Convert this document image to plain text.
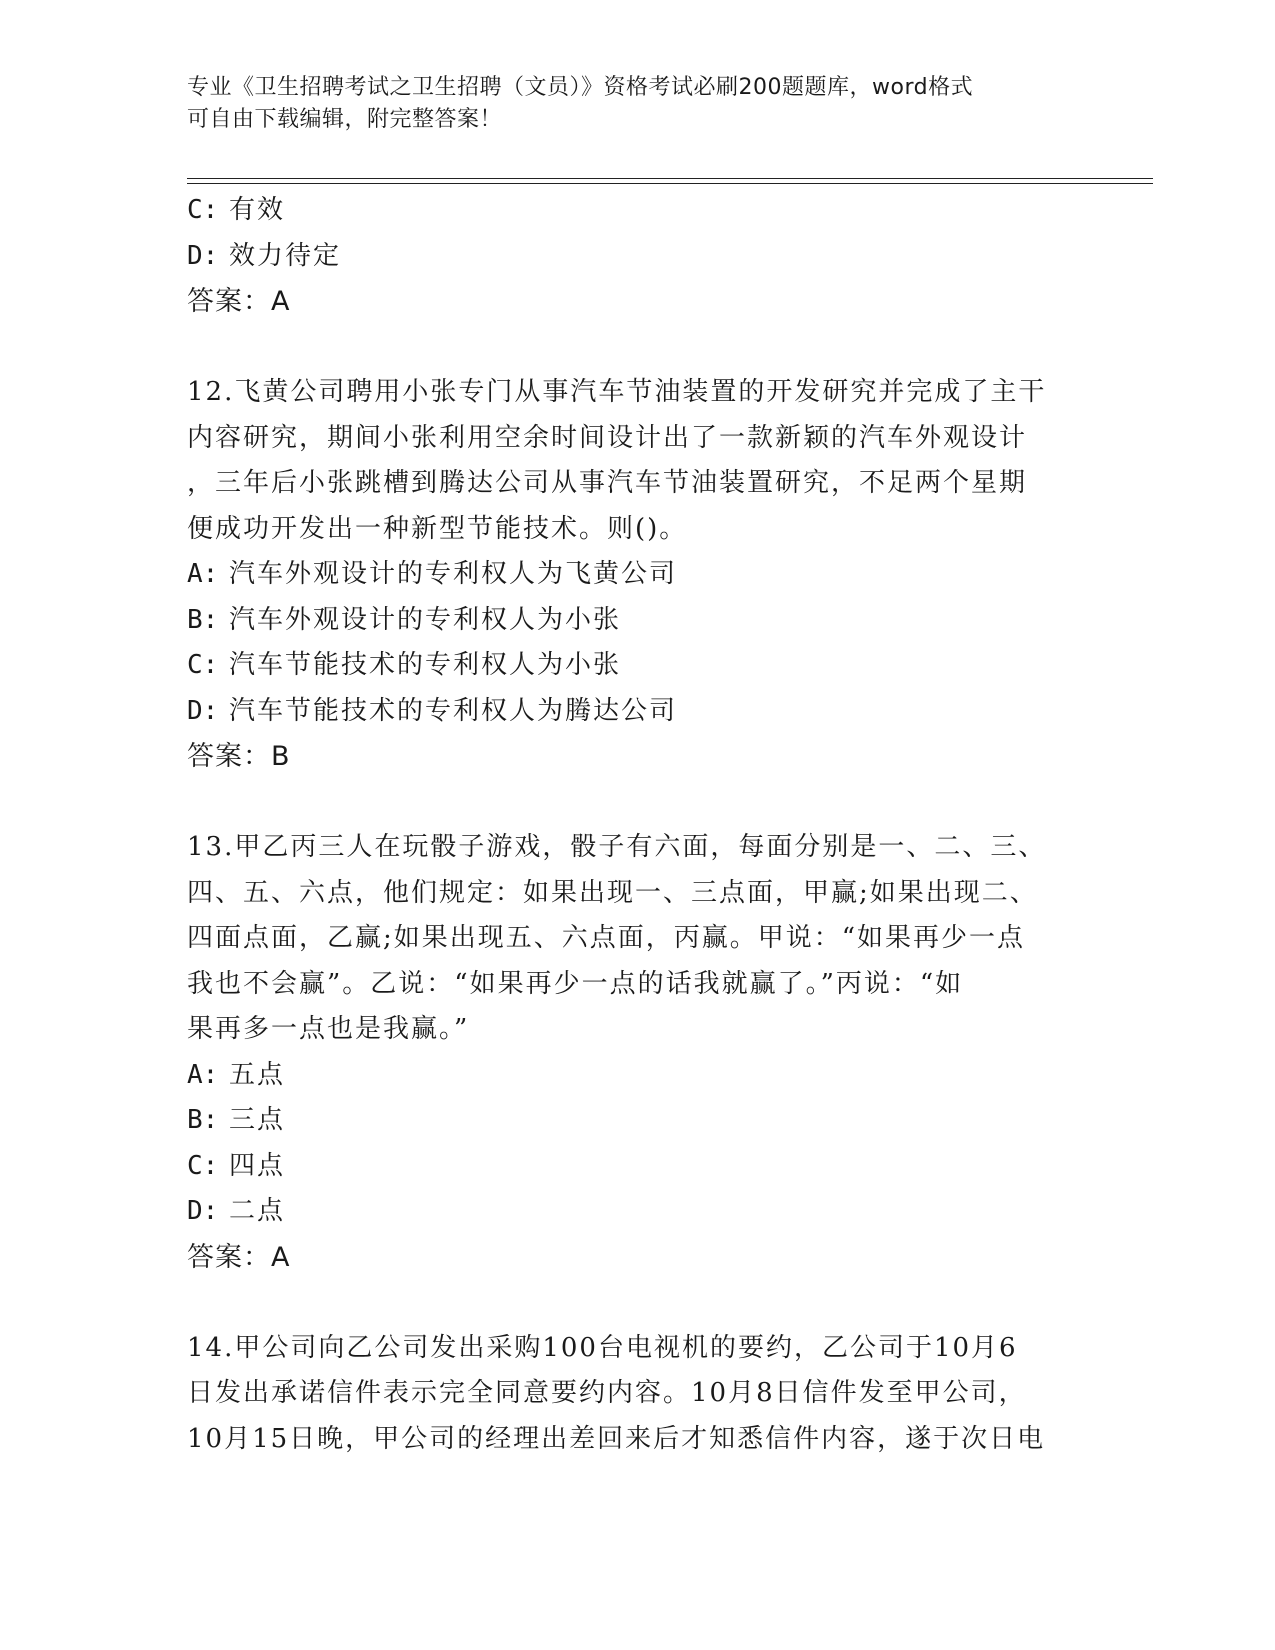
专业《卫生招聘考试之卫生招聘（文员）》资格考试必刷200题题库，word格式
可自由下载编辑，附完整答案！
C: 有效
D: 效力待定
答案：A
12.飞黄公司聘用小张专门从事汽车节油装置的开发研究并完成了主干
内容研究，期间小张利用空余时间设计出了一款新颖的汽车外观设计
，三年后小张跳槽到腾达公司从事汽车节油装置研究，不足两个星期
便成功开发出一种新型节能技术。则()。
A: 汽车外观设计的专利权人为飞黄公司
B: 汽车外观设计的专利权人为小张
C: 汽车节能技术的专利权人为小张
D: 汽车节能技术的专利权人为腾达公司
答案：B
13.甲乙丙三人在玩骰子游戏，骰子有六面，每面分别是一、二、三、
四、五、六点，他们规定：如果出现一、三点面，甲赢;如果出现二、
四面点面，乙赢;如果出现五、六点面，丙赢。甲说：“如果再少一点
我也不会赢”。乙说：“如果再少一点的话我就赢了。”丙说：“如
果再多一点也是我赢。”
A: 五点
B: 三点
C: 四点
D: 二点
答案：A
14.甲公司向乙公司发出采购100台电视机的要约，乙公司于10月6
日发出承诺信件表示完全同意要约内容。10月8日信件发至甲公司，
10月15日晚，甲公司的经理出差回来后才知悉信件内容，遂于次日电
